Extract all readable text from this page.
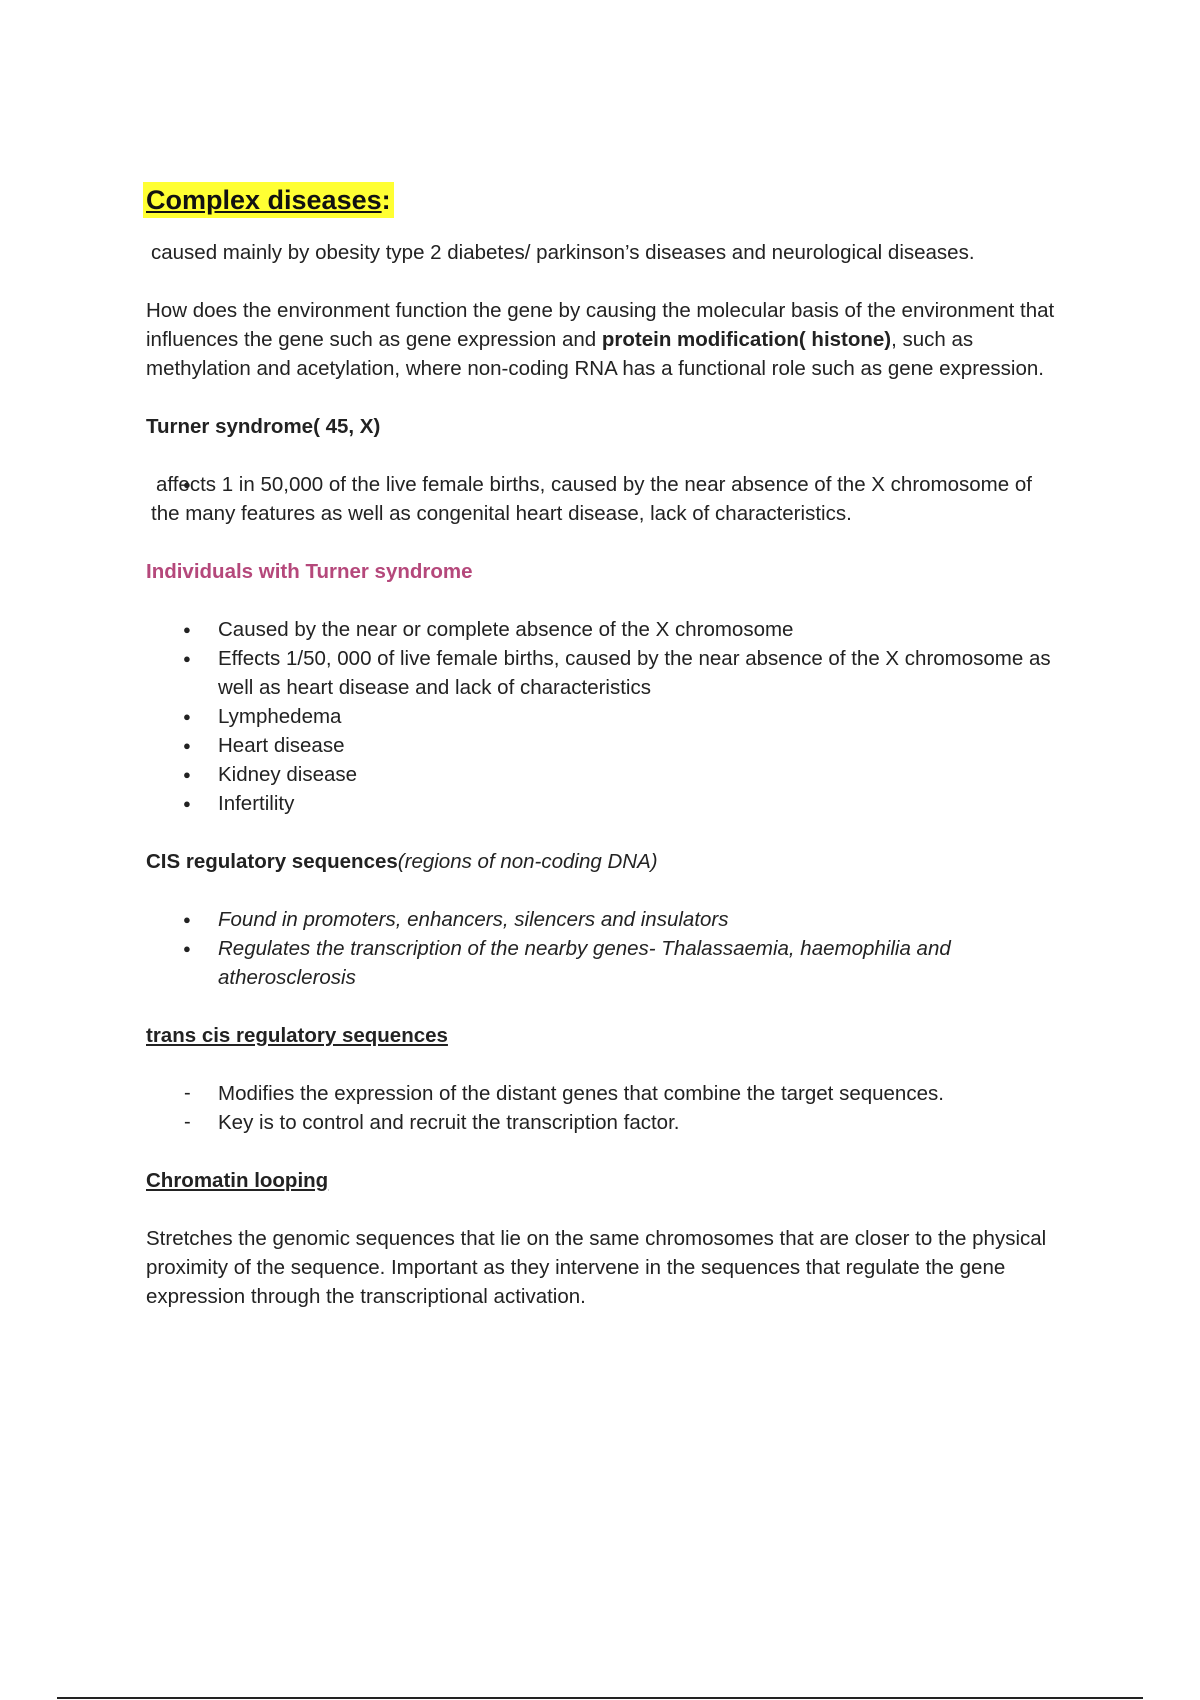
Complex diseases:

caused mainly by obesity type 2 diabetes/ parkinson’s diseases and neurological diseases.

How does the environment function the gene by causing the molecular basis of the environment that influences the gene such as gene expression and protein modification( histone), such as methylation and acetylation, where non-coding RNA has a functional role such as gene expression.

Turner syndrome( 45, X)

● affects 1 in 50,000 of the live female births, caused by the near absence of the X chromosome of the many features as well as congenital heart disease, lack of characteristics.

Individuals with Turner syndrome

● Caused by the near or complete absence of the X chromosome
● Effects 1/50, 000 of live female births, caused by the near absence of the X chromosome as well as heart disease and lack of characteristics
● Lymphedema
● Heart disease
● Kidney disease
● Infertility

CIS regulatory sequences(regions of non-coding DNA)

● Found in promoters, enhancers, silencers and insulators
● Regulates the transcription of the nearby genes- Thalassaemia, haemophilia and atherosclerosis

trans cis regulatory sequences

- Modifies the expression of the distant genes that combine the target sequences.
- Key is to control and recruit the transcription factor.

Chromatin looping

Stretches the genomic sequences that lie on the same chromosomes that are closer to the physical proximity of the sequence. Important as they intervene in the sequences that regulate the gene expression through the transcriptional activation.
